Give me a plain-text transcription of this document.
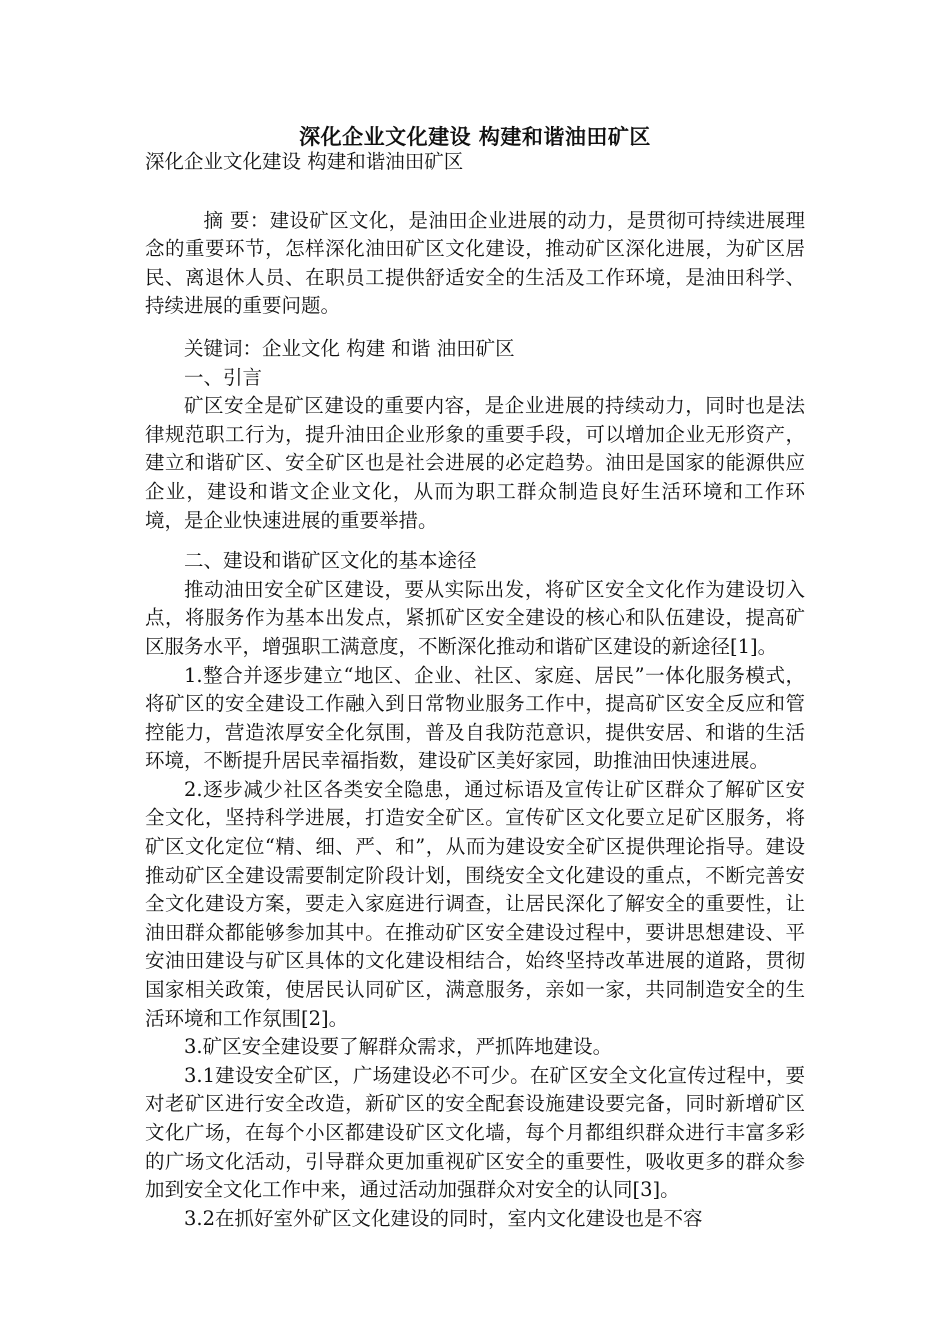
深化企业文化建设 构建和谐油田矿区

深化企业文化建设 构建和谐油田矿区

摘 要：建设矿区文化，是油田企业进展的动力，是贯彻可持续进展理念的重要环节，怎样深化油田矿区文化建设，推动矿区深化进展，为矿区居民、离退休人员、在职员工提供舒适安全的生活及工作环境，是油田科学、持续进展的重要问题。

关键词：企业文化 构建 和谐 油田矿区

一、引言

矿区安全是矿区建设的重要内容，是企业进展的持续动力，同时也是法律规范职工行为，提升油田企业形象的重要手段，可以增加企业无形资产，建立和谐矿区、安全矿区也是社会进展的必定趋势。油田是国家的能源供应企业，建设和谐文企业文化，从而为职工群众制造良好生活环境和工作环境，是企业快速进展的重要举措。

二、建设和谐矿区文化的基本途径

推动油田安全矿区建设，要从实际出发，将矿区安全文化作为建设切入点，将服务作为基本出发点，紧抓矿区安全建设的核心和队伍建设，提高矿区服务水平，增强职工满意度，不断深化推动和谐矿区建设的新途径[1]。

1.整合并逐步建立“地区、企业、社区、家庭、居民”一体化服务模式，将矿区的安全建设工作融入到日常物业服务工作中，提高矿区安全反应和管控能力，营造浓厚安全化氛围，普及自我防范意识，提供安居、和谐的生活环境，不断提升居民幸福指数，建设矿区美好家园，助推油田快速进展。

2.逐步减少社区各类安全隐患，通过标语及宣传让矿区群众了解矿区安全文化，坚持科学进展，打造安全矿区。宣传矿区文化要立足矿区服务，将矿区文化定位“精、细、严、和”，从而为建设安全矿区提供理论指导。建设推动矿区全建设需要制定阶段计划，围绕安全文化建设的重点，不断完善安全文化建设方案，要走入家庭进行调查，让居民深化了解安全的重要性，让油田群众都能够参加其中。在推动矿区安全建设过程中，要讲思想建设、平安油田建设与矿区具体的文化建设相结合，始终坚持改革进展的道路，贯彻国家相关政策，使居民认同矿区，满意服务，亲如一家，共同制造安全的生活环境和工作氛围[2]。

3.矿区安全建设要了解群众需求，严抓阵地建设。

3.1建设安全矿区，广场建设必不可少。在矿区安全文化宣传过程中，要对老矿区进行安全改造，新矿区的安全配套设施建设要完备，同时新增矿区文化广场，在每个小区都建设矿区文化墙，每个月都组织群众进行丰富多彩的广场文化活动，引导群众更加重视矿区安全的重要性，吸收更多的群众参加到安全文化工作中来，通过活动加强群众对安全的认同[3]。

3.2在抓好室外矿区文化建设的同时，室内文化建设也是不容
